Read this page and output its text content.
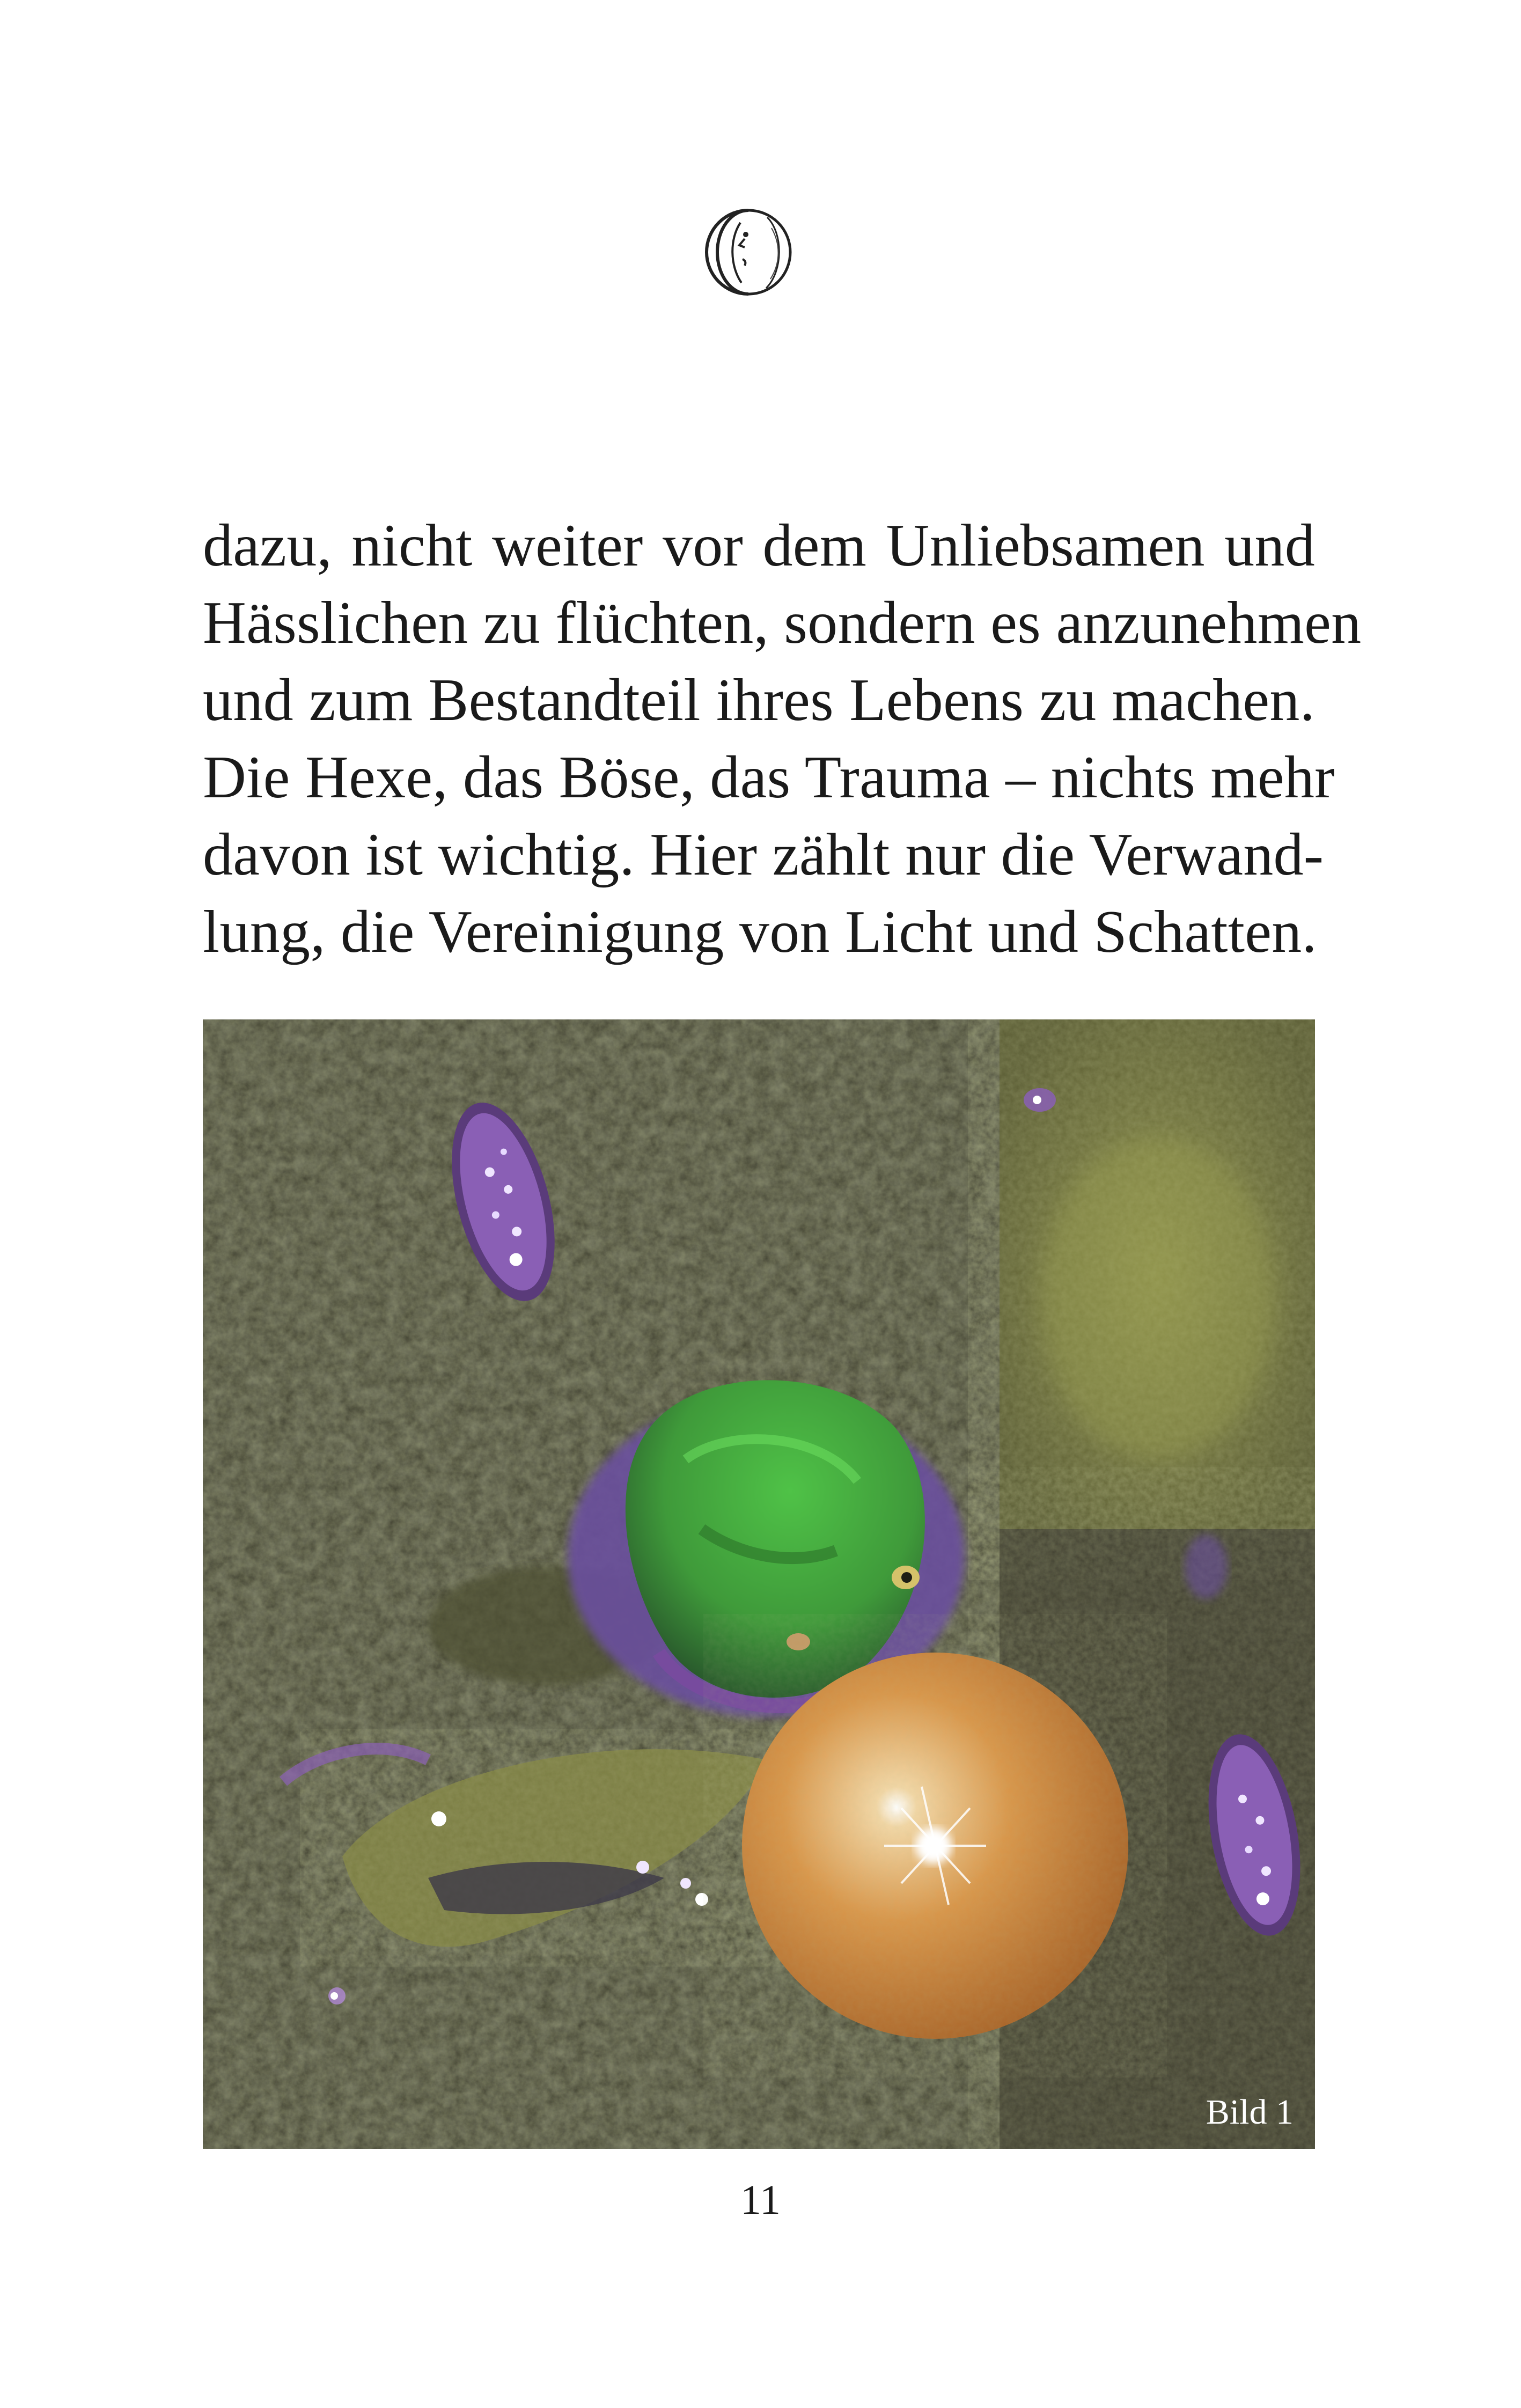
dazu, nicht weiter vor dem Unliebsamen und
Hässlichen zu flüchten, sondern es anzunehmen
und zum Bestandteil ihres Lebens zu machen.
Die Hexe, das Böse, das Trauma – nichts mehr
davon ist wichtig. Hier zählt nur die Verwand-
lung, die Vereinigung von Licht und Schatten.
Bild 1
11
